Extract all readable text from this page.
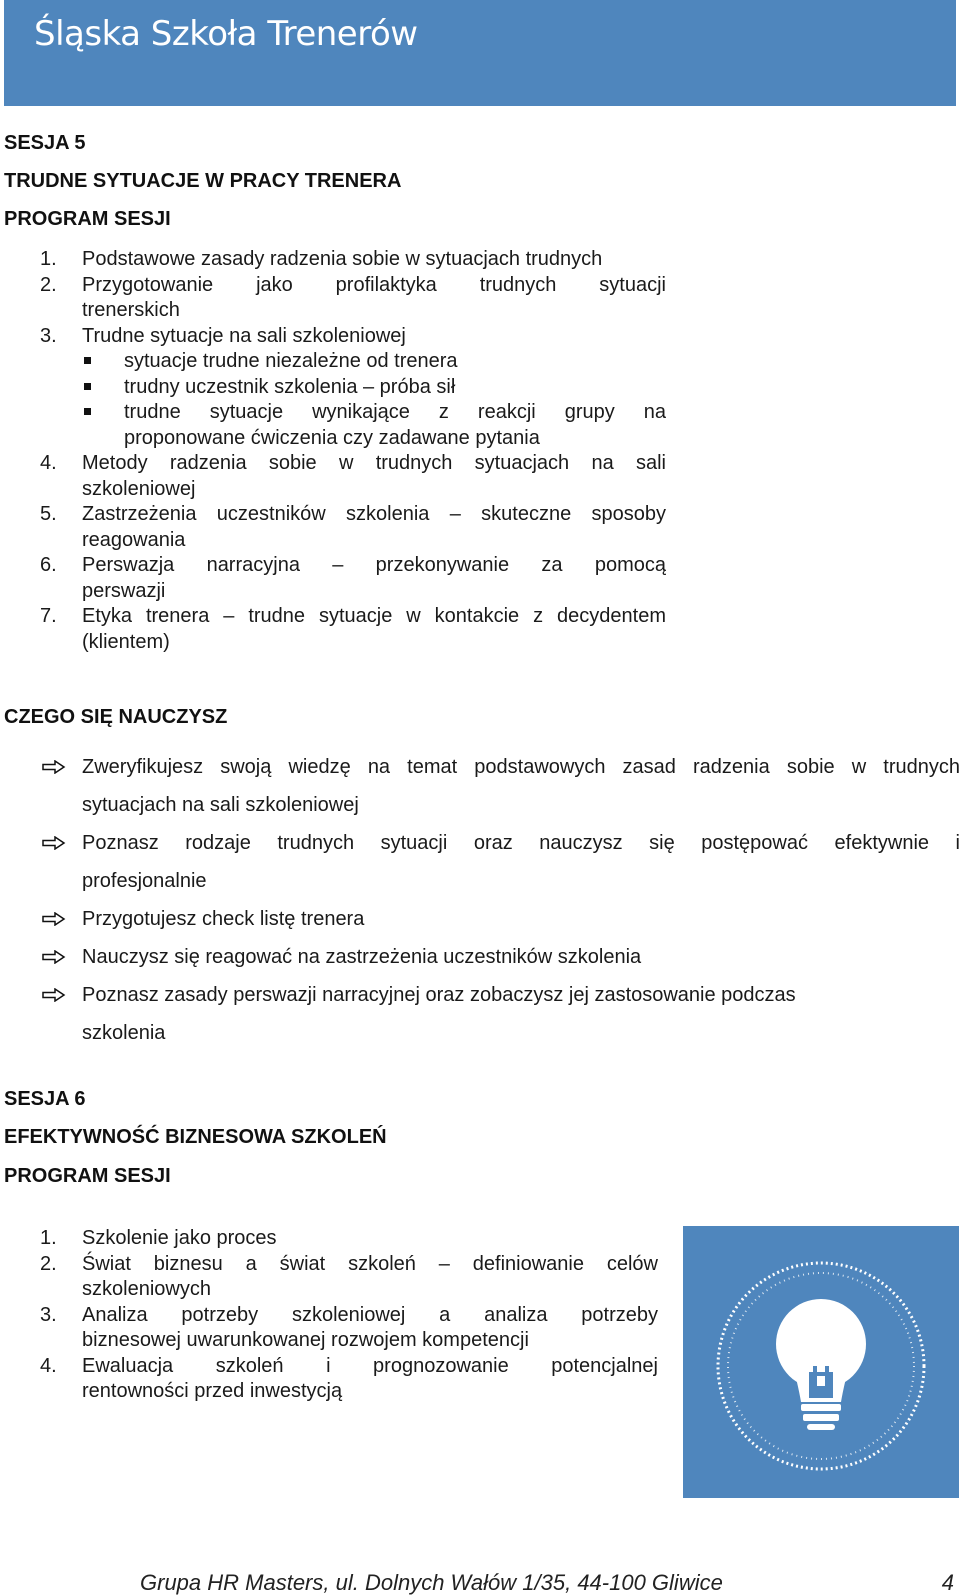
Śląska Szkoła Trenerów
SESJA 5
TRUDNE SYTUACJE W PRACY TRENERA
PROGRAM SESJI
1.	Podstawowe zasady radzenia sobie w sytuacjach trudnych
2.	Przygotowanie jako profilaktyka trudnych sytuacji
trenerskich
3.	Trudne sytuacje na sali szkoleniowej
sytuacje trudne niezależne od trenera
trudny uczestnik szkolenia – próba sił
trudne sytuacje wynikające z reakcji grupy na
proponowane ćwiczenia czy zadawane pytania
4.	Metody radzenia sobie w trudnych sytuacjach na sali
szkoleniowej
5.	Zastrzeżenia uczestników szkolenia – skuteczne sposoby
reagowania
6.	Perswazja narracyjna – przekonywanie za pomocą
perswazji
7.	Etyka trenera – trudne sytuacje w kontakcie z decydentem
(klientem)
CZEGO SIĘ NAUCZYSZ
Zweryfikujesz swoją wiedzę na temat podstawowych zasad radzenia sobie w trudnych
sytuacjach na sali szkoleniowej
Poznasz rodzaje trudnych sytuacji oraz nauczysz się postępować efektywnie i
profesjonalnie
Przygotujesz check listę trenera
Nauczysz się reagować na zastrzeżenia uczestników szkolenia
Poznasz zasady perswazji narracyjnej oraz zobaczysz jej zastosowanie podczas
szkolenia
SESJA 6
EFEKTYWNOŚĆ BIZNESOWA SZKOLEŃ
PROGRAM SESJI
1.	Szkolenie jako proces
2.	Świat biznesu a świat szkoleń – definiowanie celów
szkoleniowych
3.	Analiza potrzeby szkoleniowej a analiza potrzeby
biznesowej uwarunkowanej rozwojem kompetencji
4.	Ewaluacja szkoleń i prognozowanie potencjalnej
rentowności przed inwestycją
Grupa HR Masters, ul. Dolnych Wałów 1/35, 44-100 Gliwice	4
